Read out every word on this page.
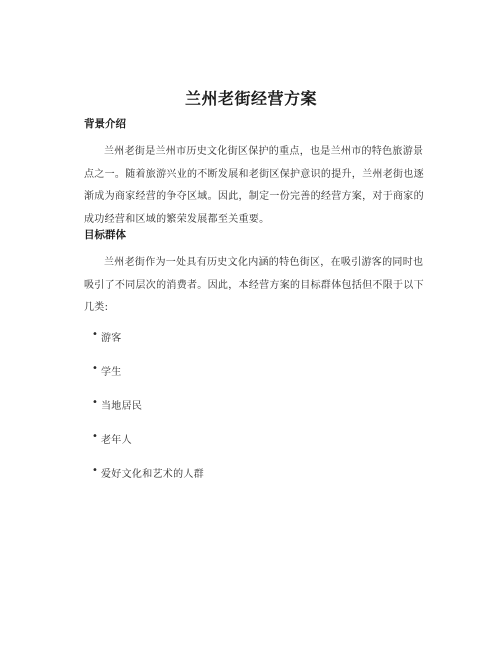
兰州老街经营方案
背景介绍

兰州老街是兰州市历史文化街区保护的重点，也是兰州市的特色旅游景点之一。随着旅游兴业的不断发展和老街区保护意识的提升，兰州老街也逐渐成为商家经营的争夺区域。因此，制定一份完善的经营方案，对于商家的成功经营和区域的繁荣发展都至关重要。

目标群体

兰州老街作为一处具有历史文化内涵的特色街区，在吸引游客的同时也吸引了不同层次的消费者。因此，本经营方案的目标群体包括但不限于以下几类:

• 游客
• 学生
• 当地居民
• 老年人
• 爱好文化和艺术的人群
